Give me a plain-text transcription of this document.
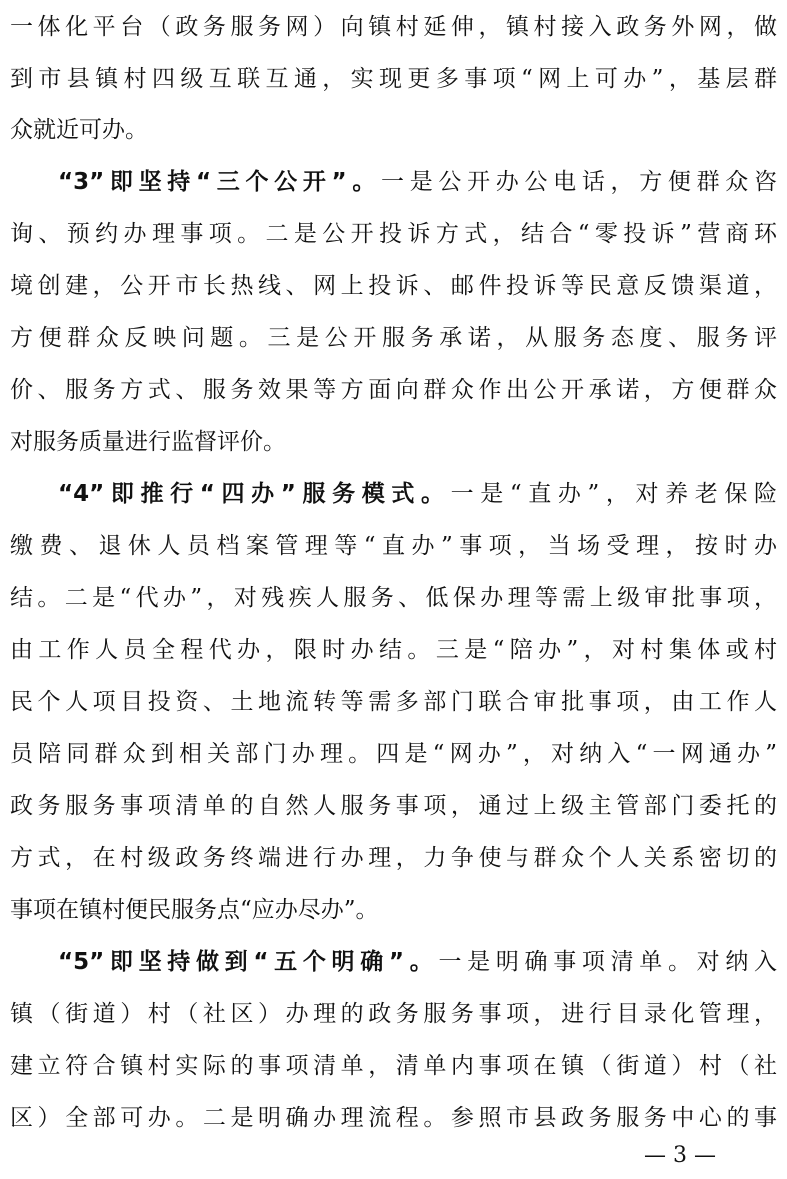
一体化平台（政务服务网）向镇村延伸，镇村接入政务外网，做
到市县镇村四级互联互通，实现更多事项“网上可办”，基层群
众就近可办。
“3”即坚持“三个公开”。一是公开办公电话，方便群众咨
询、预约办理事项。二是公开投诉方式，结合“零投诉”营商环
境创建，公开市长热线、网上投诉、邮件投诉等民意反馈渠道，
方便群众反映问题。三是公开服务承诺，从服务态度、服务评
价、服务方式、服务效果等方面向群众作出公开承诺，方便群众
对服务质量进行监督评价。
“4”即推行“四办”服务模式。一是“直办”，对养老保险
缴费、退休人员档案管理等“直办”事项，当场受理，按时办
结。二是“代办”，对残疾人服务、低保办理等需上级审批事项，
由工作人员全程代办，限时办结。三是“陪办”，对村集体或村
民个人项目投资、土地流转等需多部门联合审批事项，由工作人
员陪同群众到相关部门办理。四是“网办”，对纳入“一网通办”
政务服务事项清单的自然人服务事项，通过上级主管部门委托的
方式，在村级政务终端进行办理，力争使与群众个人关系密切的
事项在镇村便民服务点“应办尽办”。
“5”即坚持做到“五个明确”。一是明确事项清单。对纳入
镇（街道）村（社区）办理的政务服务事项，进行目录化管理，
建立符合镇村实际的事项清单，清单内事项在镇（街道）村（社
区）全部可办。二是明确办理流程。参照市县政务服务中心的事
— 3 —
